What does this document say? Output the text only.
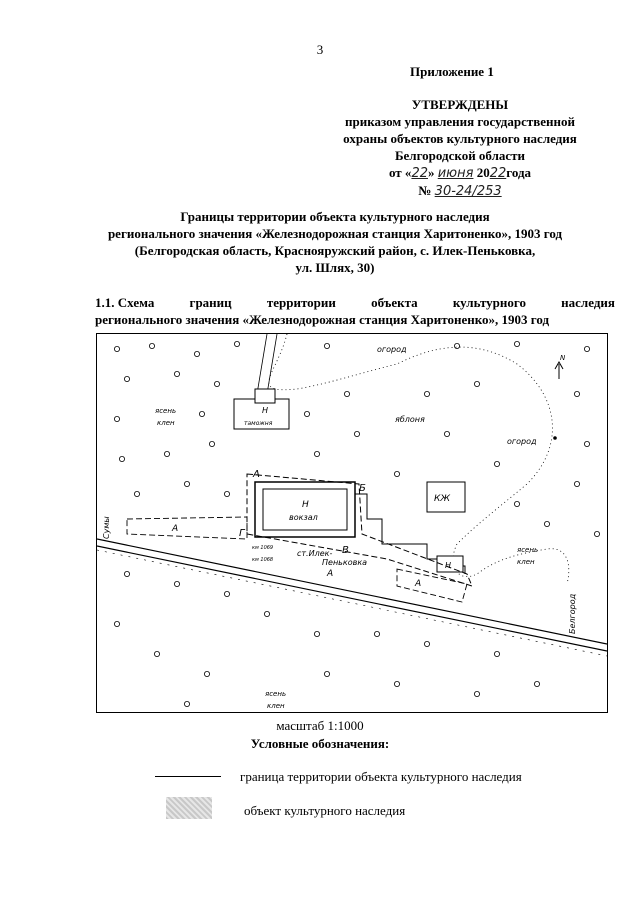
3
Приложение 1
УТВЕРЖДЕНЫ
приказом управления государственной
охраны объектов культурного наследия
Белгородской области
от «22» июня 2022года
№ 30-24/253
Границы территории объекта культурного наследия
регионального значения «Железнодорожная станция Харитоненко», 1903 год
(Белгородская область, Краснояружский район, с. Илек-Пеньковка,
ул. Шлях, 30)
1.1. Схема	границ	территории	объекта	культурного	наследия
регионального значения «Железнодорожная станция Харитоненко», 1903 год
огород
огород
таможня
Н
Н
вокзал
КЖ
яблоня
ясень
клен
ясень
клен
ясень
клен
ст.Илек-
Пеньковка
Сумы
Белгород
А
Б
В
Г
А
А
А
Н
км 1069
км 1068
N
масштаб 1:1000
Условные обозначения:
граница территории объекта культурного наследия
объект культурного наследия
